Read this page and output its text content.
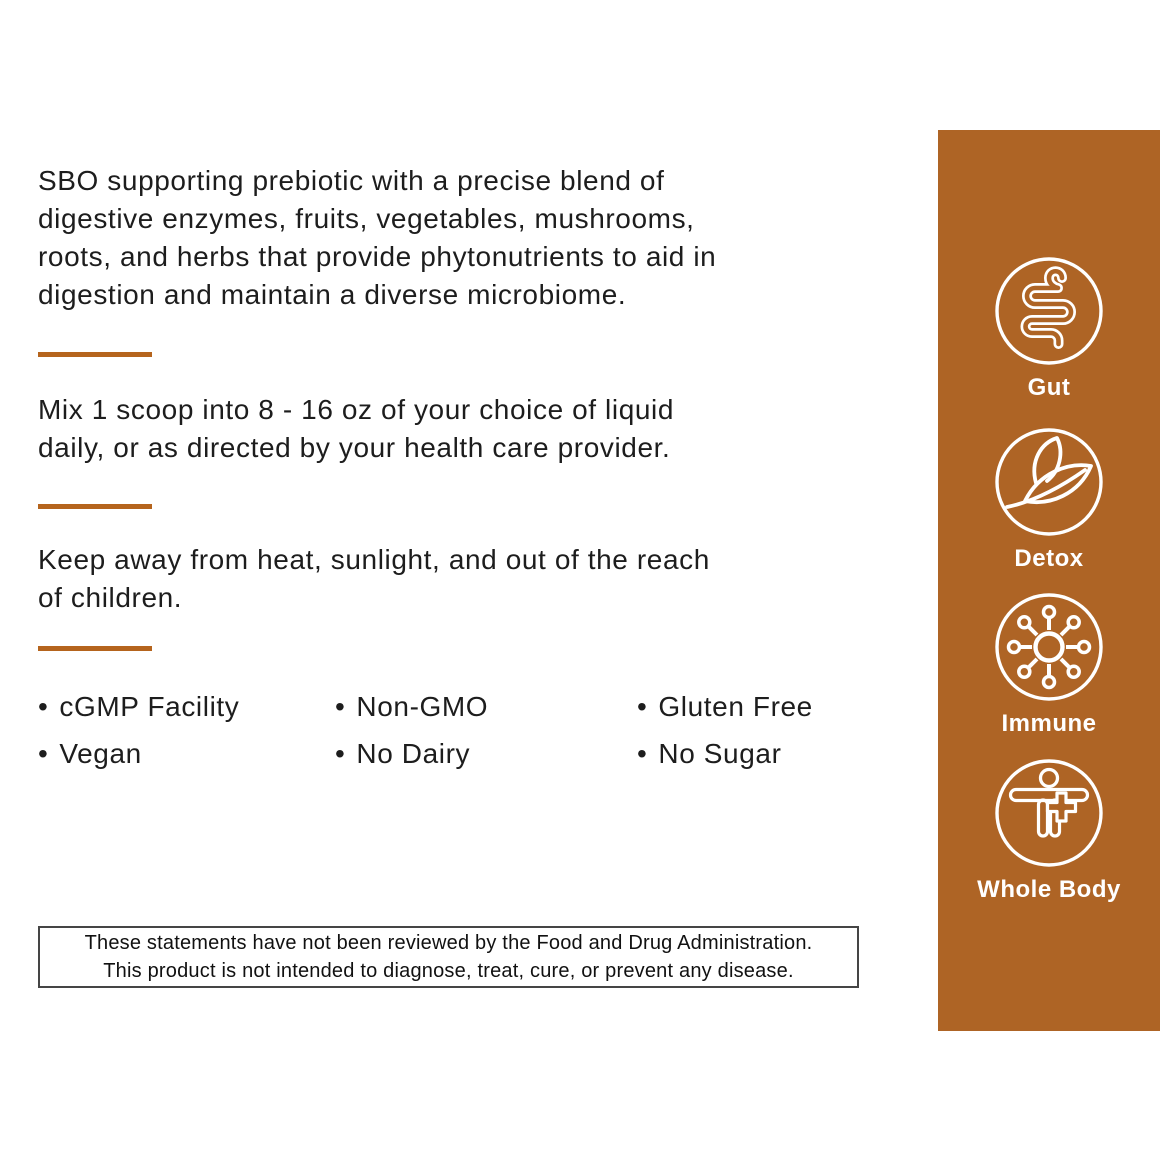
SBO supporting prebiotic with a precise blend of
digestive enzymes, fruits, vegetables, mushrooms,
roots, and herbs that provide phytonutrients to aid in
digestion and maintain a diverse microbiome.
Mix 1 scoop into 8 - 16 oz of your choice of liquid
daily, or as directed by your health care provider.
Keep away from heat, sunlight, and out of the reach
of children.
• cGMP Facility	• Non-GMO	• Gluten Free
• Vegan	• No Dairy	• No Sugar
These statements have not been reviewed by the Food and Drug Administration.
This product is not intended to diagnose, treat, cure, or prevent any disease.
Gut
Detox
Immune
Whole Body
